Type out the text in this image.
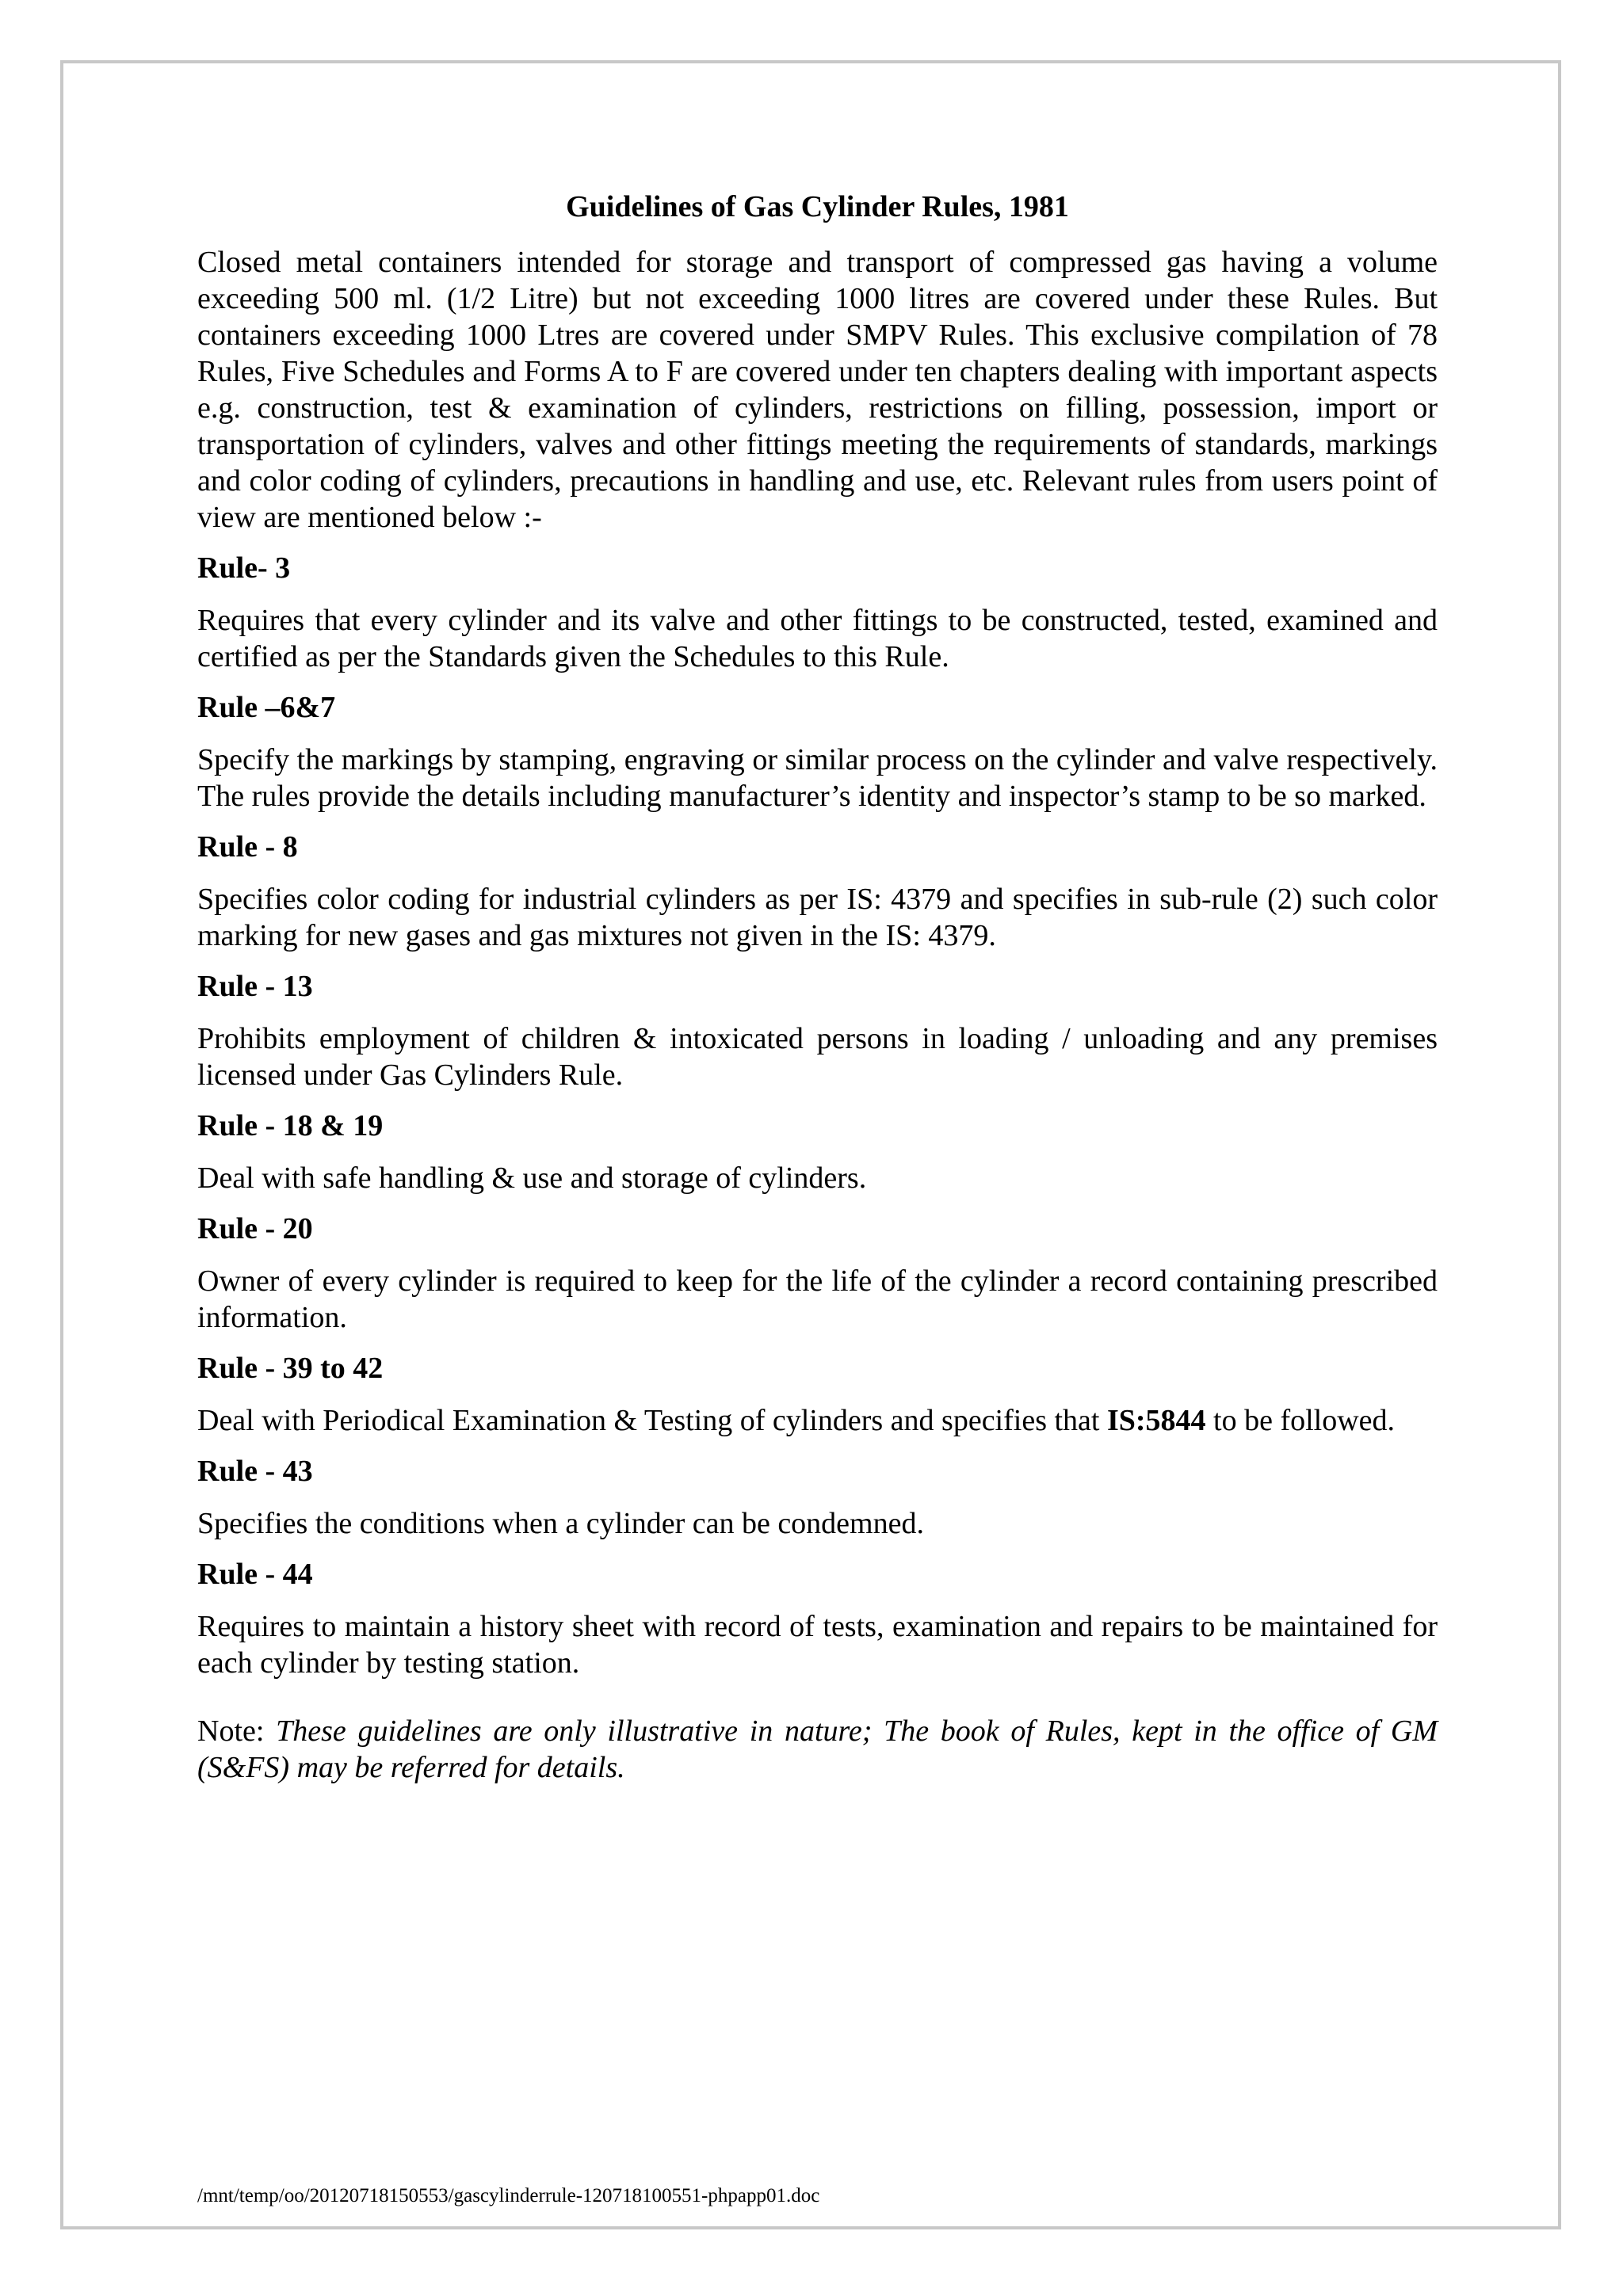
Guidelines of Gas Cylinder Rules, 1981

Closed metal containers intended for storage and transport of compressed gas having a volume exceeding 500 ml. (1/2 Litre) but not exceeding 1000 litres are covered under these Rules. But containers exceeding 1000 Ltres are covered under SMPV Rules. This exclusive compilation of 78 Rules, Five Schedules and Forms A to F are covered under ten chapters dealing with important aspects e.g. construction, test & examination of cylinders, restrictions on filling, possession, import or transportation of cylinders, valves and other fittings meeting the requirements of standards, markings and color coding of cylinders, precautions in handling and use, etc. Relevant rules from users point of view are mentioned below :-

Rule- 3

Requires that every cylinder and its valve and other fittings to be constructed, tested, examined and certified as per the Standards given the Schedules to this Rule.

Rule –6&7

Specify the markings by stamping, engraving or similar process on the cylinder and valve respectively. The rules provide the details including manufacturer’s identity and inspector’s stamp to be so marked.

Rule - 8

Specifies color coding for industrial cylinders as per IS: 4379 and specifies in sub-rule (2) such color marking for new gases and gas mixtures not given in the IS: 4379.

Rule - 13

Prohibits employment of children & intoxicated persons in loading / unloading and any premises licensed under Gas Cylinders Rule.

Rule - 18 & 19

Deal with safe handling & use and storage of cylinders.

Rule - 20

Owner of every cylinder is required to keep for the life of the cylinder a record containing prescribed information.

Rule - 39 to 42

Deal with Periodical Examination & Testing of cylinders and specifies that IS:5844 to be followed.

Rule - 43

Specifies the conditions when a cylinder can be condemned.

Rule - 44

Requires to maintain a history sheet with record of tests, examination and repairs to be maintained for each cylinder by testing station.

Note: These guidelines are only illustrative in nature; The book of Rules, kept in the office of GM (S&FS) may be referred for details.

/mnt/temp/oo/20120718150553/gascylinderrule-120718100551-phpapp01.doc
